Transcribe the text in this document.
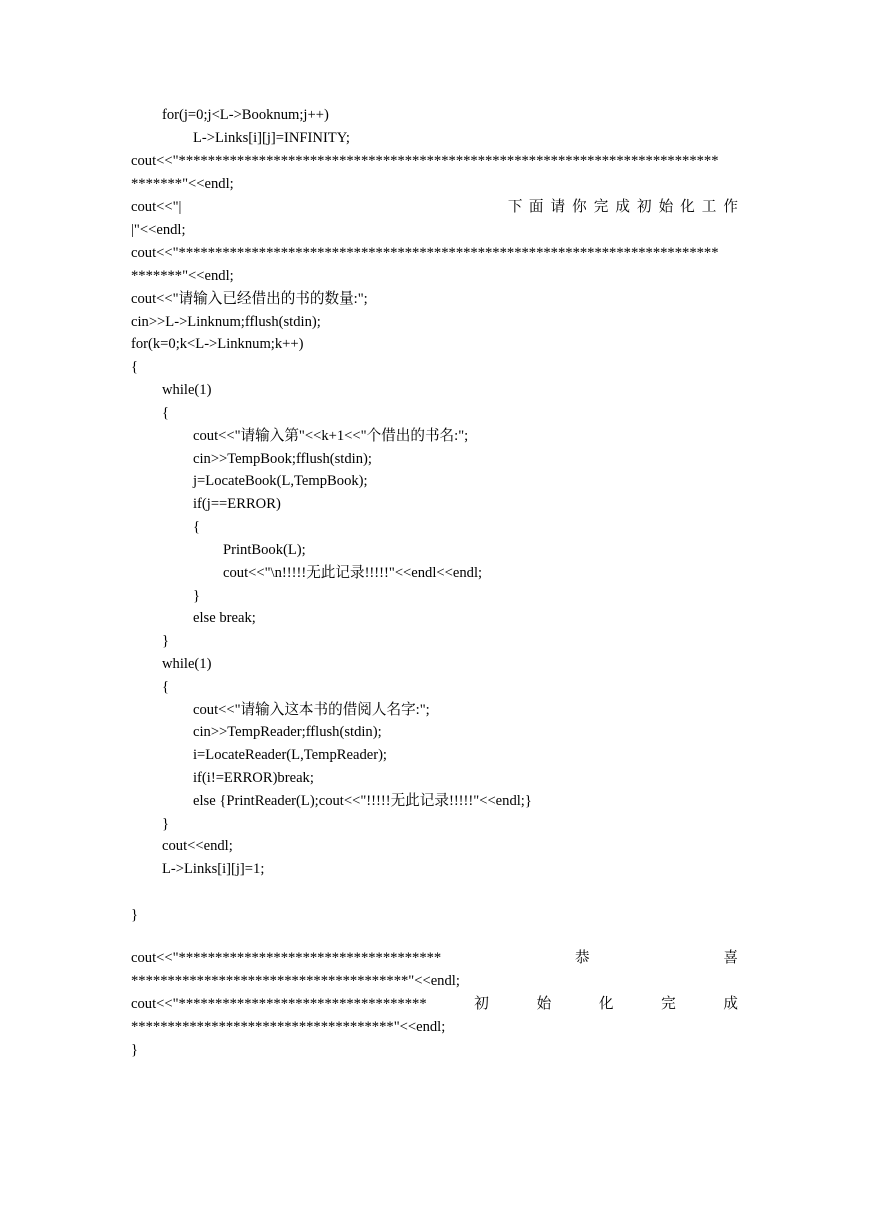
for(j=0;j<L->Booknum;j++)
L->Links[i][j]=INFINITY;
cout<<"**************************************************************************
*******"<<endl;
cout<<"|	下 面 请 你 完 成 初 始 化 工 作
|"<<endl;
cout<<"**************************************************************************
*******"<<endl;
cout<<"请输入已经借出的书的数量:";
cin>>L->Linknum;fflush(stdin);
for(k=0;k<L->Linknum;k++)
{
while(1)
{
cout<<"请输入第"<<k+1<<"个借出的书名:";
cin>>TempBook;fflush(stdin);
j=LocateBook(L,TempBook);
if(j==ERROR)
{
PrintBook(L);
cout<<"\n!!!!!无此记录!!!!!"<<endl<<endl;
}
else break;
}
while(1)
{
cout<<"请输入这本书的借阅人名字:";
cin>>TempReader;fflush(stdin);
i=LocateReader(L,TempReader);
if(i!=ERROR)break;
else {PrintReader(L);cout<<"!!!!!无此记录!!!!!"<<endl;}
}
cout<<endl;
L->Links[i][j]=1;
}
cout<<"************************************	恭	喜
**************************************"<<endl;
cout<<"**********************************	初	始	化	完	成
************************************"<<endl;
}
